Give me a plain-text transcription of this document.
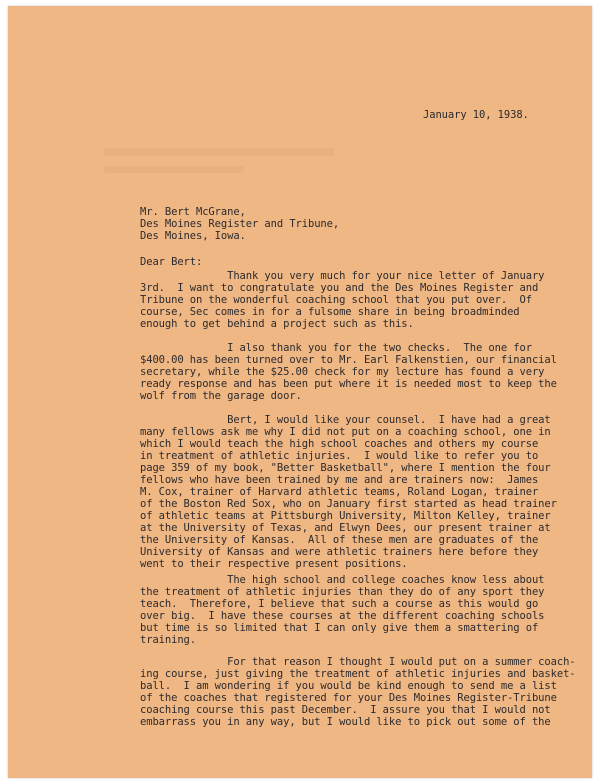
January 10, 1938.
Mr. Bert McGrane,
Des Moines Register and Tribune,
Des Moines, Iowa.
Dear Bert:
Thank you very much for your nice letter of January
3rd.  I want to congratulate you and the Des Moines Register and
Tribune on the wonderful coaching school that you put over.  Of
course, Sec comes in for a fulsome share in being broadminded
enough to get behind a project such as this.
I also thank you for the two checks.  The one for
$400.00 has been turned over to Mr. Earl Falkenstien, our financial
secretary, while the $25.00 check for my lecture has found a very
ready response and has been put where it is needed most to keep the
wolf from the garage door.
Bert, I would like your counsel.  I have had a great
many fellows ask me why I did not put on a coaching school, one in
which I would teach the high school coaches and others my course
in treatment of athletic injuries.  I would like to refer you to
page 359 of my book, "Better Basketball", where I mention the four
fellows who have been trained by me and are trainers now:  James
M. Cox, trainer of Harvard athletic teams, Roland Logan, trainer
of the Boston Red Sox, who on January first started as head trainer
of athletic teams at Pittsburgh University, Milton Kelley, trainer
at the University of Texas, and Elwyn Dees, our present trainer at
the University of Kansas.  All of these men are graduates of the
University of Kansas and were athletic trainers here before they
went to their respective present positions.
The high school and college coaches know less about
the treatment of athletic injuries than they do of any sport they
teach.  Therefore, I believe that such a course as this would go
over big.  I have these courses at the different coaching schools
but time is so limited that I can only give them a smattering of
training.
For that reason I thought I would put on a summer coach-
ing course, just giving the treatment of athletic injuries and basket-
ball.  I am wondering if you would be kind enough to send me a list
of the coaches that registered for your Des Moines Register-Tribune
coaching course this past December.  I assure you that I would not
embarrass you in any way, but I would like to pick out some of the
